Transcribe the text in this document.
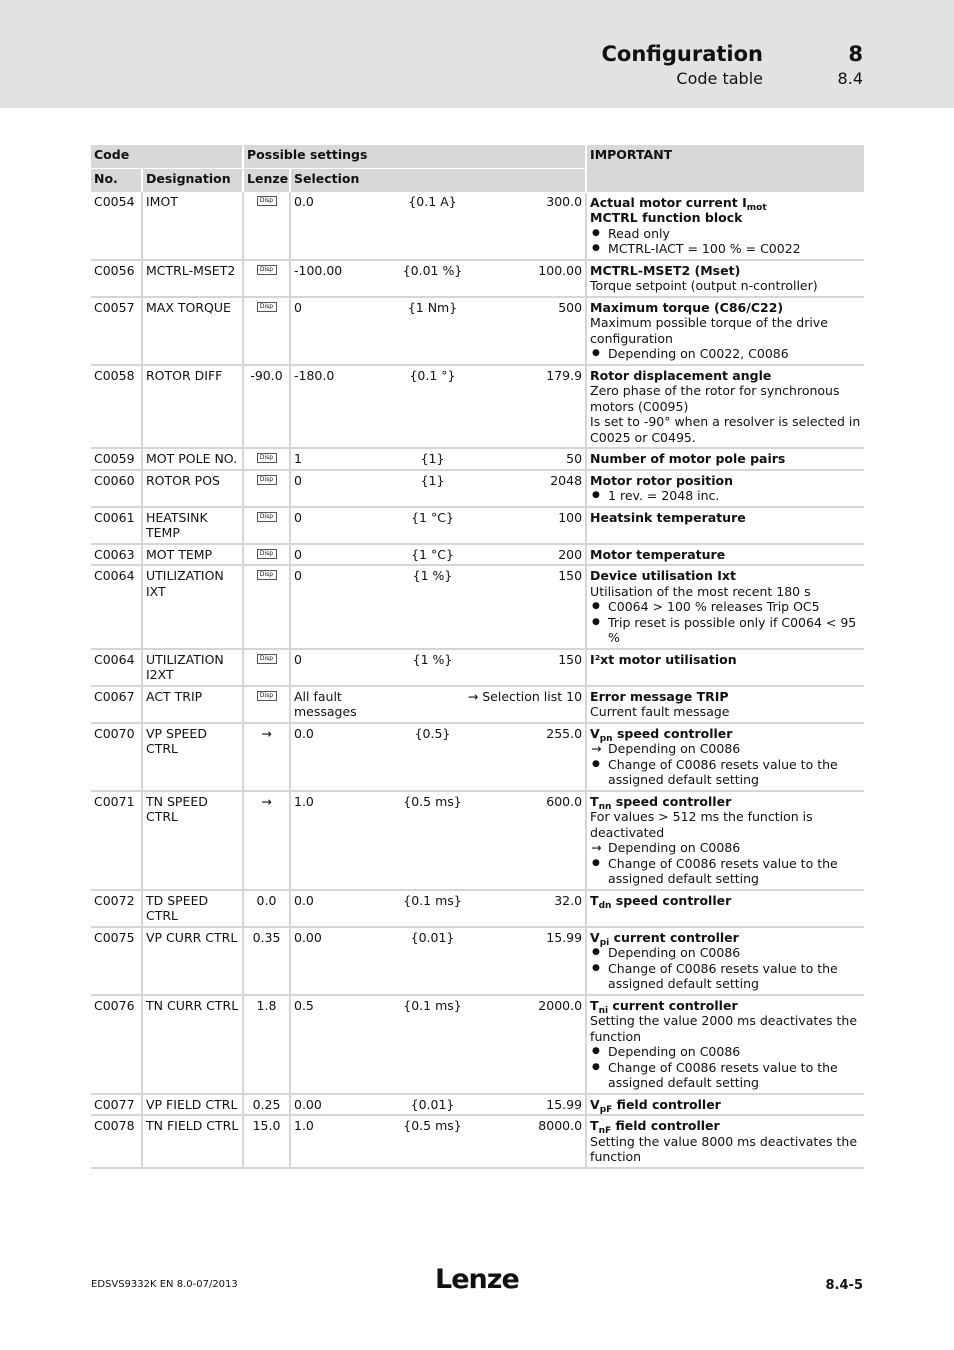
Configuration	8
Code table	8.4
Code		Possible settings				IMPORTANT
No.	Designation	Lenze	Selection			
C0054	IMOT	Disp	0.0	{0.1 A}	300.0	Actual motor current $I_{mot}$
MCTRL function block
● Read only
● MCTRL-IACT = 100 % = C0022

C0056	MCTRL-MSET2	Disp	-100.00	{0.01 %}	100.00	MCTRL-MSET2 (Mset)
Torque setpoint (output n-controller)

C0057	MAX TORQUE	Disp	0	{1 Nm}	500	Maximum torque (C86/C22)
Maximum possible torque of the drive configuration
● Depending on C0022, C0086

C0058	ROTOR DIFF	-90.0	-180.0	{0.1 °}	179.9	Rotor displacement angle
Zero phase of the rotor for synchronous motors (C0095)
Is set to -90° when a resolver is selected in C0025 or C0495.

C0059	MOT POLE NO.	Disp	1	{1}	50	Number of motor pole pairs

C0060	ROTOR POS	Disp	0	{1}	2048	Motor rotor position
● 1 rev. = 2048 inc.

C0061	HEATSINK TEMP	Disp	0	{1 °C}	100	Heatsink temperature

C0063	MOT TEMP	Disp	0	{1 °C}	200	Motor temperature

C0064	UTILIZATION IXT	Disp	0	{1 %}	150	Device utilisation Ixt
Utilisation of the most recent 180 s
● C0064 > 100 % releases Trip OC5
● Trip reset is possible only if C0064 < 95 %

C0064	UTILIZATION I2XT	Disp	0	{1 %}	150	I²xt motor utilisation

C0067	ACT TRIP	Disp	All fault messages	→ Selection list 10		Error message TRIP
Current fault message

C0070	VP SPEED CTRL	→	0.0	{0.5}	255.0	$V_{pn}$ speed controller
→ Depending on C0086
● Change of C0086 resets value to the assigned default setting

C0071	TN SPEED CTRL	→	1.0	{0.5 ms}	600.0	$T_{nn}$ speed controller
For values > 512 ms the function is deactivated
→ Depending on C0086
● Change of C0086 resets value to the assigned default setting

C0072	TD SPEED CTRL	0.0	0.0	{0.1 ms}	32.0	$T_{dn}$ speed controller

C0075	VP CURR CTRL	0.35	0.00	{0.01}	15.99	$V_{pi}$ current controller
● Depending on C0086
● Change of C0086 resets value to the assigned default setting

C0076	TN CURR CTRL	1.8	0.5	{0.1 ms}	2000.0	$T_{ni}$ current controller
Setting the value 2000 ms deactivates the function
● Depending on C0086
● Change of C0086 resets value to the assigned default setting

C0077	VP FIELD CTRL	0.25	0.00	{0.01}	15.99	$V_{pF}$ field controller

C0078	TN FIELD CTRL	15.0	1.0	{0.5 ms}	8000.0	$T_{nF}$ field controller
Setting the value 8000 ms deactivates the function
EDSVS9332K EN 8.0-07/2013	Lenze	8.4-5
